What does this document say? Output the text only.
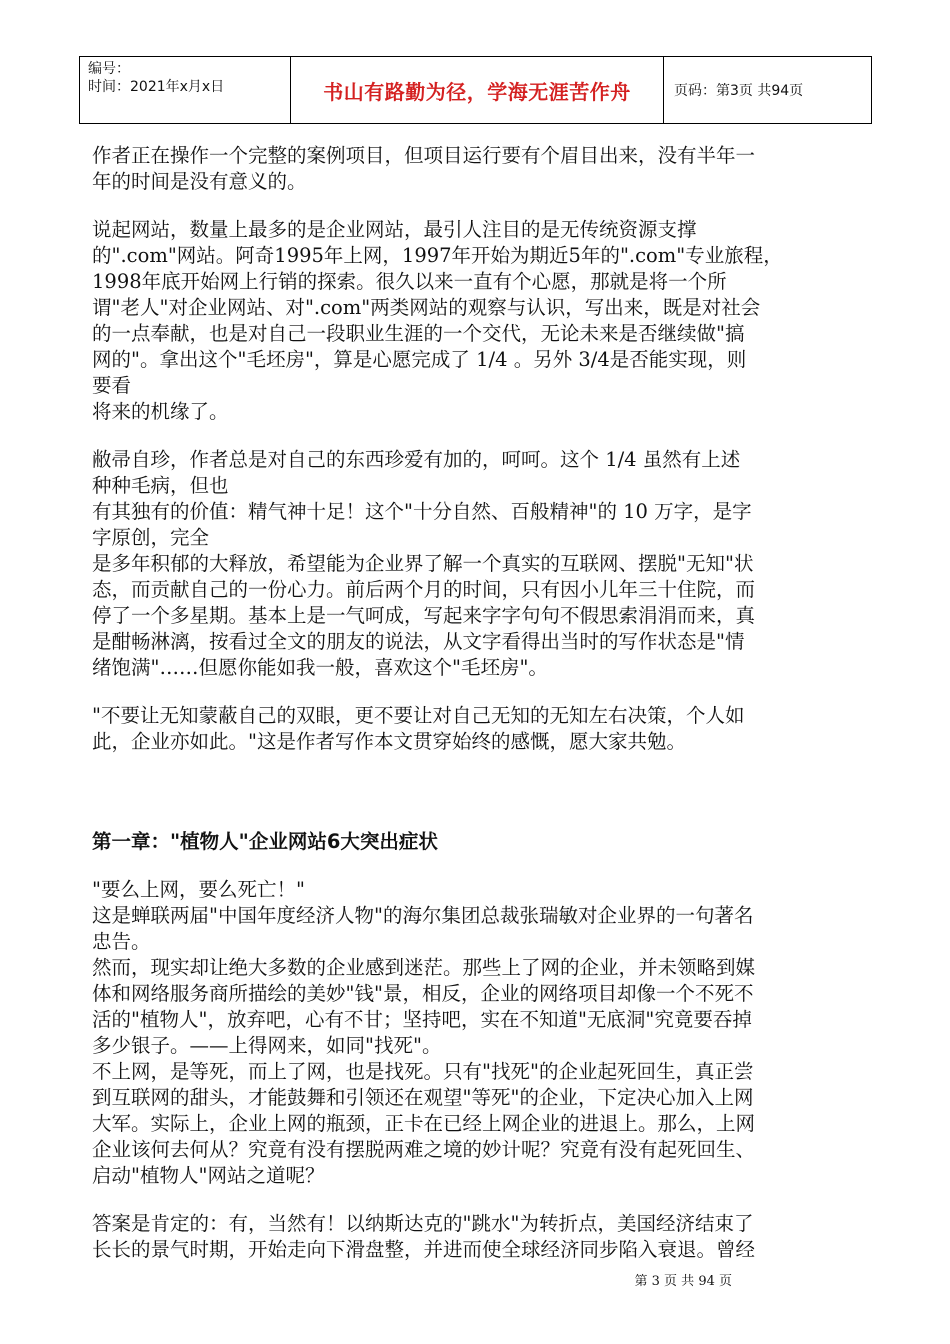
编号：
时间：2021年x月x日	书山有路勤为径，学海无涯苦作舟	页码：第3页 共94页

作者正在操作一个完整的案例项目，但项目运行要有个眉目出来，没有半年一

年的时间是没有意义的。

说起网站，数量上最多的是企业网站，最引人注目的是无传统资源支撑

的".com"网站。阿奇1995年上网，1997年开始为期近5年的".com"专业旅程，

1998年底开始网上行销的探索。很久以来一直有个心愿，那就是将一个所

谓"老人"对企业网站、对".com"两类网站的观察与认识，写出来，既是对社会

的一点奉献，也是对自己一段职业生涯的一个交代，无论未来是否继续做"搞

网的"。拿出这个"毛坯房"，算是心愿完成了 1/4 。另外 3/4是否能实现，则

要看

将来的机缘了。

敝帚自珍，作者总是对自己的东西珍爱有加的，呵呵。这个 1/4 虽然有上述

种种毛病，但也

有其独有的价值：精气神十足！这个"十分自然、百般精神"的 10 万字，是字

字原创，完全

是多年积郁的大释放，希望能为企业界了解一个真实的互联网、摆脱"无知"状

态，而贡献自己的一份心力。前后两个月的时间，只有因小儿年三十住院，而

停了一个多星期。基本上是一气呵成，写起来字字句句不假思索涓涓而来，真

是酣畅淋漓，按看过全文的朋友的说法，从文字看得出当时的写作状态是"情

绪饱满"……但愿你能如我一般，喜欢这个"毛坯房"。

"不要让无知蒙蔽自己的双眼，更不要让对自己无知的无知左右决策，个人如

此，企业亦如此。"这是作者写作本文贯穿始终的感慨，愿大家共勉。

第一章："植物人"企业网站6大突出症状

"要么上网，要么死亡！"

这是蝉联两届"中国年度经济人物"的海尔集团总裁张瑞敏对企业界的一句著名

忠告。

然而，现实却让绝大多数的企业感到迷茫。那些上了网的企业，并未领略到媒

体和网络服务商所描绘的美妙"钱"景，相反，企业的网络项目却像一个不死不

活的"植物人"，放弃吧，心有不甘；坚持吧，实在不知道"无底洞"究竟要吞掉

多少银子。——上得网来，如同"找死"。

不上网，是等死，而上了网，也是找死。只有"找死"的企业起死回生，真正尝

到互联网的甜头，才能鼓舞和引领还在观望"等死"的企业，下定决心加入上网

大军。实际上，企业上网的瓶颈，正卡在已经上网企业的进退上。那么，上网

企业该何去何从？究竟有没有摆脱两难之境的妙计呢？究竟有没有起死回生、

启动"植物人"网站之道呢？

答案是肯定的：有，当然有！以纳斯达克的"跳水"为转折点，美国经济结束了

长长的景气时期，开始走向下滑盘整，并进而使全球经济同步陷入衰退。曾经

第 3 页 共 94 页
